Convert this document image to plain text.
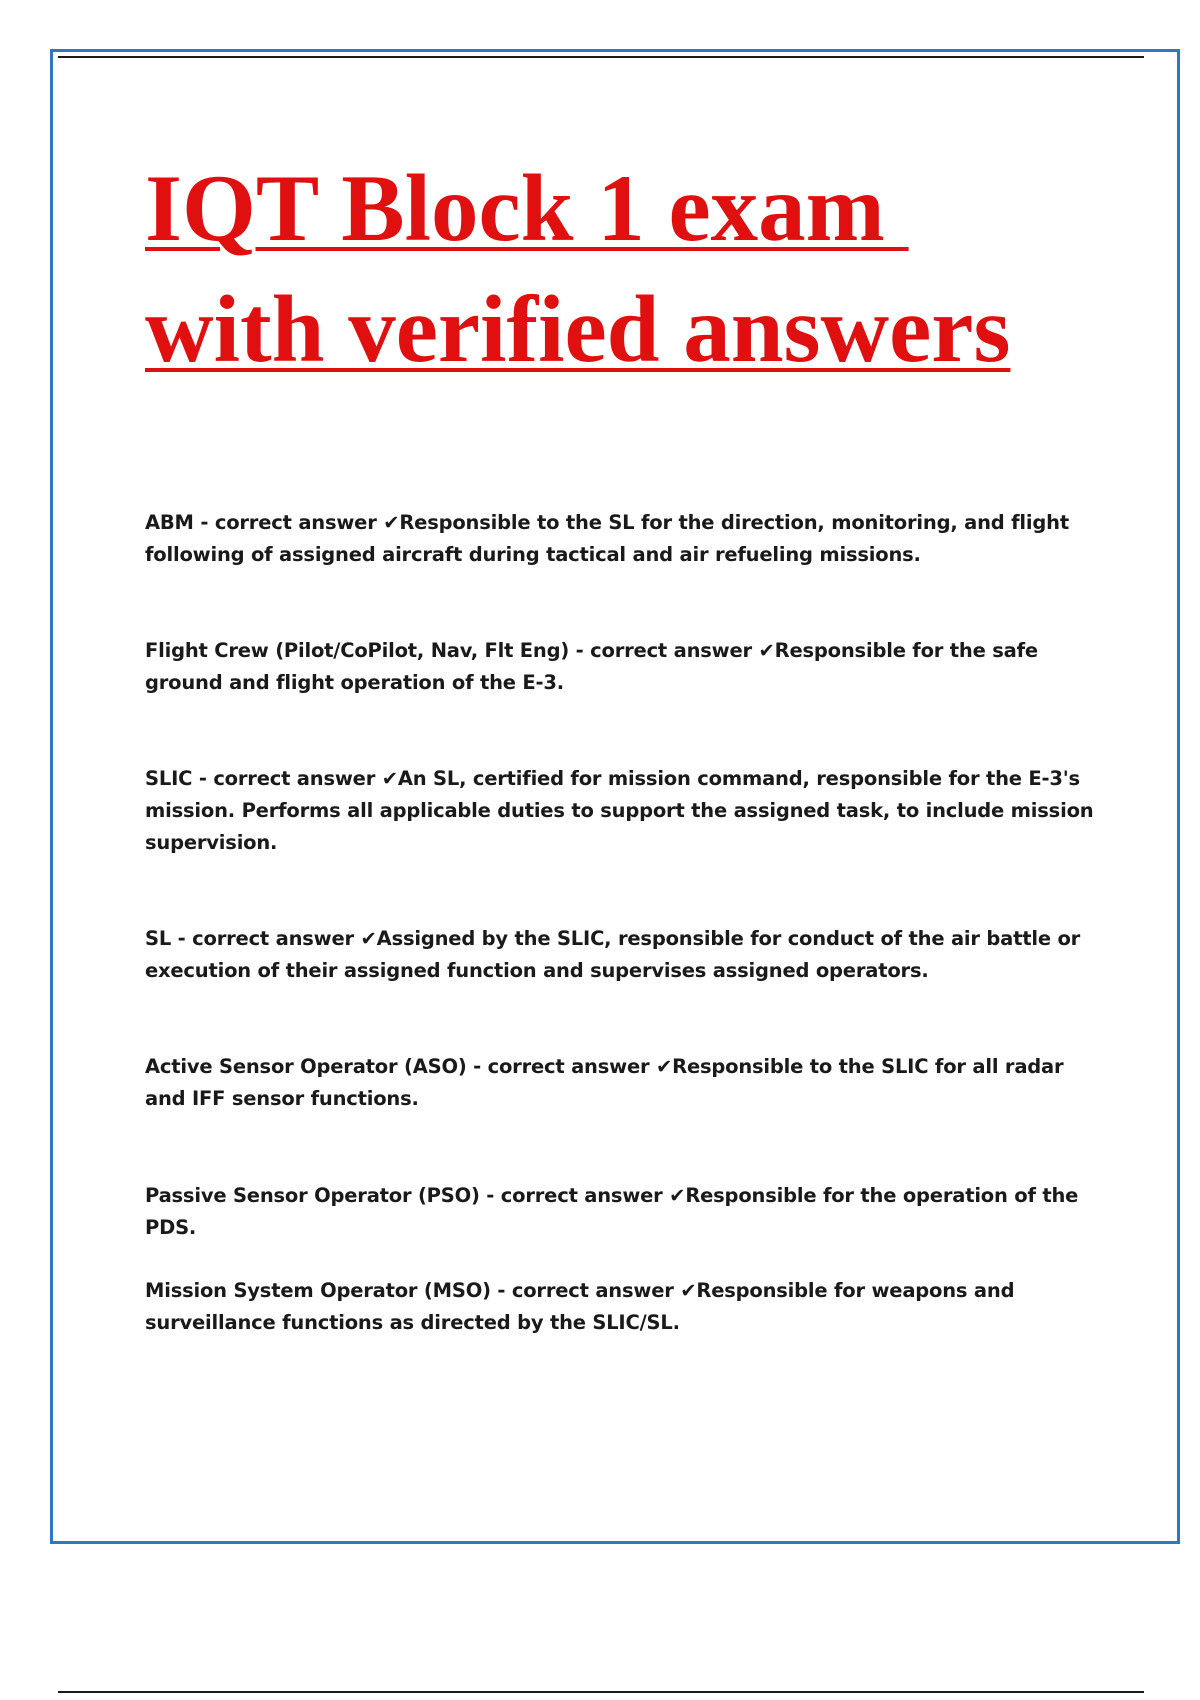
IQT Block 1 exam
with verified answers

ABM - correct answer ✔Responsible to the SL for the direction, monitoring, and flight following of assigned aircraft during tactical and air refueling missions.

Flight Crew (Pilot/CoPilot, Nav, Flt Eng) - correct answer ✔Responsible for the safe ground and flight operation of the E-3.

SLIC - correct answer ✔An SL, certified for mission command, responsible for the E-3's mission. Performs all applicable duties to support the assigned task, to include mission supervision.

SL - correct answer ✔Assigned by the SLIC, responsible for conduct of the air battle or execution of their assigned function and supervises assigned operators.

Active Sensor Operator (ASO) - correct answer ✔Responsible to the SLIC for all radar and IFF sensor functions.

Passive Sensor Operator (PSO) - correct answer ✔Responsible for the operation of the PDS.

Mission System Operator (MSO) - correct answer ✔Responsible for weapons and surveillance functions as directed by the SLIC/SL.
